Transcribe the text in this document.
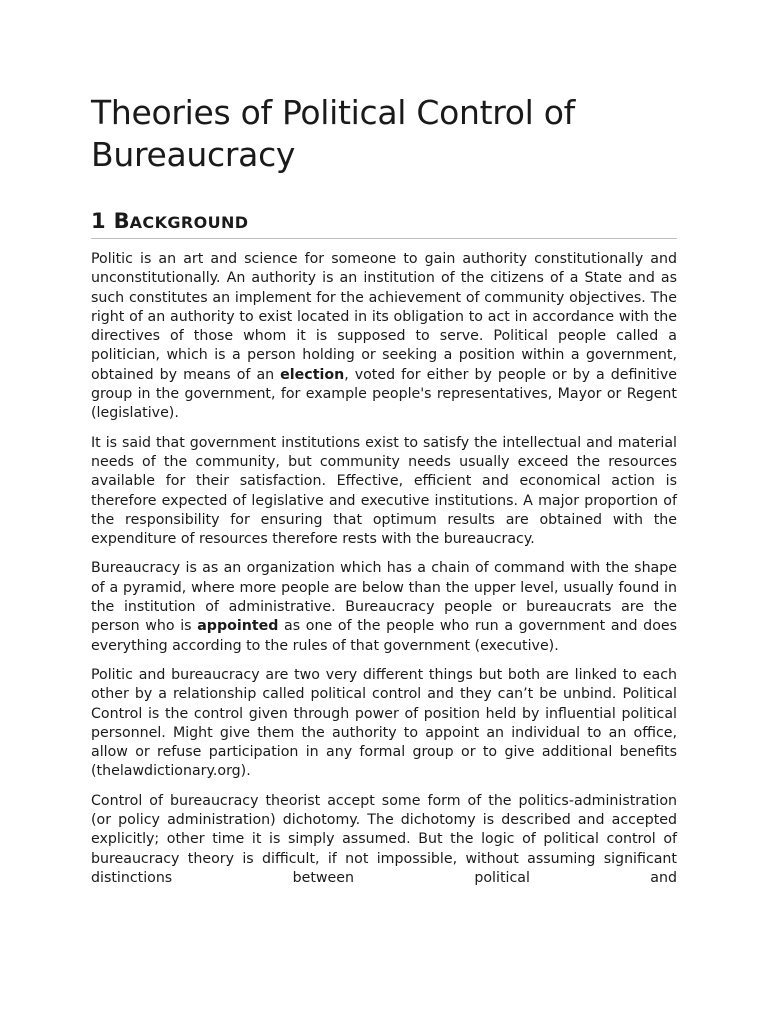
Theories of Political Control of Bureaucracy
1 BACKGROUND

Politic is an art and science for someone to gain authority constitutionally and unconstitutionally. An authority is an institution of the citizens of a State and as such constitutes an implement for the achievement of community objectives. The right of an authority to exist located in its obligation to act in accordance with the directives of those whom it is supposed to serve. Political people called a politician, which is a person holding or seeking a position within a government, obtained by means of an election, voted for either by people or by a definitive group in the government, for example people's representatives, Mayor or Regent (legislative).

It is said that government institutions exist to satisfy the intellectual and material needs of the community, but community needs usually exceed the resources available for their satisfaction. Effective, efficient and economical action is therefore expected of legislative and executive institutions. A major proportion of the responsibility for ensuring that optimum results are obtained with the expenditure of resources therefore rests with the bureaucracy.

Bureaucracy is as an organization which has a chain of command with the shape of a pyramid, where more people are below than the upper level, usually found in the institution of administrative. Bureaucracy people or bureaucrats are the person who is appointed as one of the people who run a government and does everything according to the rules of that government (executive).

Politic and bureaucracy are two very different things but both are linked to each other by a relationship called political control and they can’t be unbind. Political Control is the control given through power of position held by influential political personnel. Might give them the authority to appoint an individual to an office, allow or refuse participation in any formal group or to give additional benefits (thelawdictionary.org).

Control of bureaucracy theorist accept some form of the politics-administration (or policy administration) dichotomy. The dichotomy is described and accepted explicitly; other time it is simply assumed. But the logic of political control of bureaucracy theory is difficult, if not impossible, without assuming significant distinctions between political and
